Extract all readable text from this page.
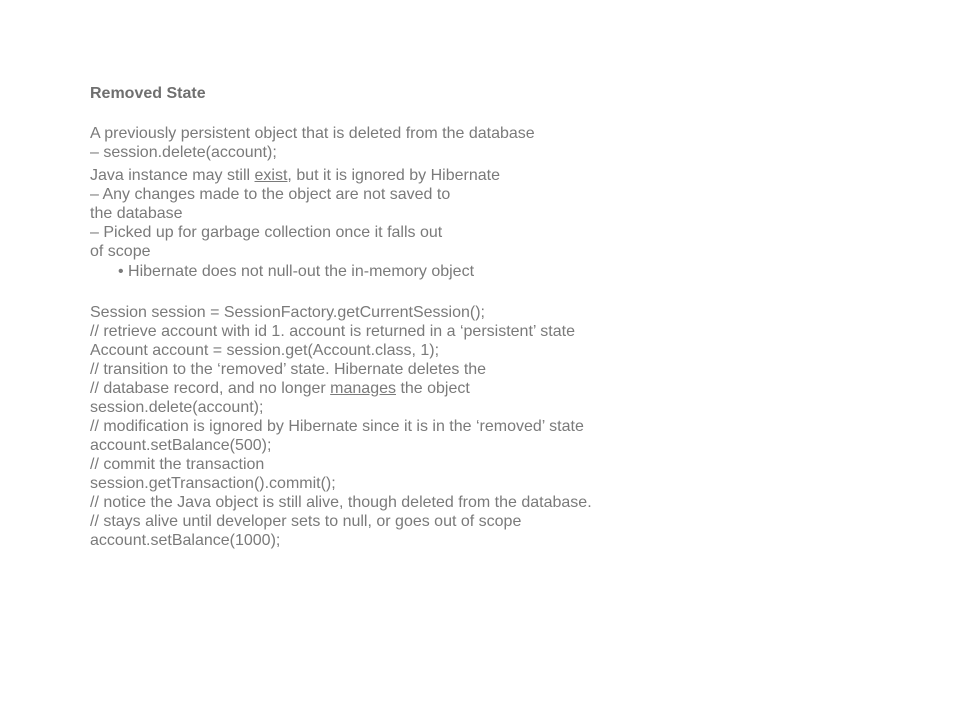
Removed State
A previously persistent object that is deleted from the database
– session.delete(account);
Java instance may still exist, but it is ignored by Hibernate
– Any changes made to the object are not saved to
the database
– Picked up for garbage collection once it falls out
of scope
• Hibernate does not null-out the in-memory object
Session session = SessionFactory.getCurrentSession();
// retrieve account with id 1. account is returned in a ‘persistent’ state
Account account = session.get(Account.class, 1);
// transition to the ‘removed’ state. Hibernate deletes the
// database record, and no longer manages the object
session.delete(account);
// modification is ignored by Hibernate since it is in the ‘removed’ state
account.setBalance(500);
// commit the transaction
session.getTransaction().commit();
// notice the Java object is still alive, though deleted from the database.
// stays alive until developer sets to null, or goes out of scope
account.setBalance(1000);
